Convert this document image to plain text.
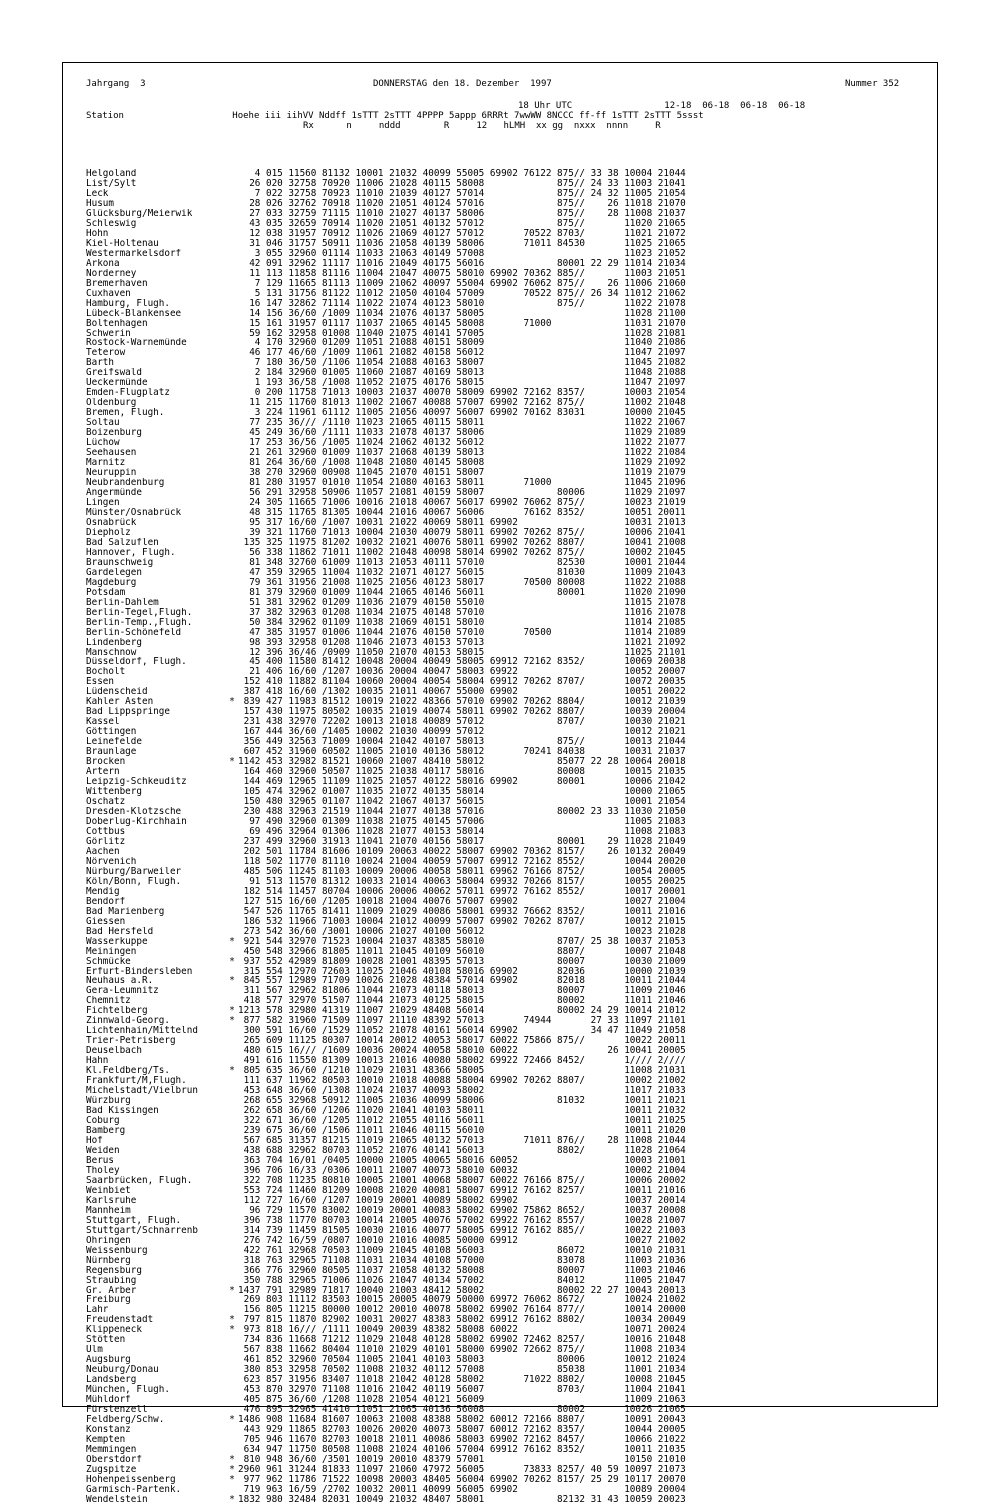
Jahrgang  3	DONNERSTAG den 18. Dezember  1997	Nummer 352
18 Uhr UTC                 12-18  06-18  06-18  06-18
Station                    Hoehe iii iihVV Nddff 1sTTT 2sTTT 4PPPP 5appp 6RRRt 7wwWW 8NCCC ff-ff 1sTTT 2sTTT 5ssst
Rx      n     nddd        R     12   hLMH  xx gg  nxxx  nnnn     R
Helgoland	4 015 11560 81132 10001 21032 40099 55005 69902 76122 875// 33 38 10004 21044
List/Sylt	26 020 32758 70920 11006 21028 40115 58008             875// 24 33 11003 21041
Leck	7 022 32758 70923 11010 21039 40127 57014             875// 24 32 11005 21054
Husum	28 026 32762 70918 11020 21051 40124 57016             875//    26 11018 21070
Glücksburg/Meierwik	27 033 32759 71115 11010 21027 40137 58006             875//    28 11008 21037
Schleswig	43 035 32659 70914 11020 21051 40132 57012             875//       11020 21065
Hohn	12 038 31957 70912 11026 21069 40127 57012       70522 8703/       11021 21072
Kiel-Holtenau	31 046 31757 50911 11036 21058 40139 58006       71011 84530       11025 21065
Westermarkelsdorf	3 055 32960 01114 11033 21063 40149 57008                         11023 21052
Arkona	42 091 32962 11117 11016 21049 40175 56016             80001 22 29 11014 21034
Norderney	11 113 11858 81116 11004 21047 40075 58010 69902 70362 885//       11003 21051
Bremerhaven	7 129 11665 81113 11009 21062 40097 55004 69902 76062 875//    26 11006 21060
Cuxhaven	5 131 31756 81122 11012 21050 40104 57009       70522 875// 26 34 11012 21062
Hamburg, Flugh.	16 147 32862 71114 11022 21074 40123 58010             875//       11022 21078
Lübeck-Blankensee	14 156 36/60 /1009 11034 21076 40137 58005                         11028 21100
Boltenhagen	15 161 31957 01117 11037 21065 40145 58008       71000             11031 21070
Schwerin	59 162 32958 01008 11040 21075 40141 57005                         11028 21081
Rostock-Warnemünde	4 170 32960 01209 11051 21088 40151 58009                         11040 21086
Teterow	46 177 46/60 /1009 11061 21082 40158 56012                         11047 21097
Barth	7 180 36/50 /1106 11054 21088 40163 58007                         11045 21082
Greifswald	2 184 32960 01005 11060 21087 40169 58013                         11048 21088
Ueckermünde	1 193 36/58 /1008 11052 21075 40176 58015                         11047 21097
Emden-Flugplatz	0 200 11758 71013 10003 21037 40070 58009 69902 72162 8357/       10003 21054
Oldenburg	11 215 11760 81013 11002 21067 40088 57007 69902 72162 875//       11002 21048
Bremen, Flugh.	3 224 11961 61112 11005 21056 40097 56007 69902 70162 83031       10000 21045
Soltau	77 235 36/// /1110 11023 21065 40115 58011                         11022 21067
Boizenburg	45 249 36/60 /1111 11033 21078 40137 58006                         11029 21089
Lüchow	17 253 36/56 /1005 11024 21062 40132 56012                         11022 21077
Seehausen	21 261 32960 01009 11037 21068 40139 58013                         11022 21084
Marnitz	81 264 36/60 /1008 11048 21080 40145 58008                         11029 21092
Neuruppin	38 270 32960 00908 11045 21070 40151 58007                         11019 21079
Neubrandenburg	81 280 31957 01010 11054 21080 40163 58011       71000             11045 21096
Angermünde	56 291 32958 50906 11057 21081 40159 58007             80006       11029 21097
Lingen	24 305 11665 71006 10016 21018 40067 56017 69902 76062 875//       10023 21019
Münster/Osnabrück	48 315 11765 81305 10044 21016 40067 56006       76162 8352/       10051 20011
Osnabrück	95 317 16/60 /1007 10031 21022 40069 58011 69902                   10031 21013
Diepholz	39 321 11760 71013 10004 21030 40079 58011 69902 70262 875//       10006 21041
Bad Salzuflen	135 325 11975 81202 10032 21021 40076 58011 69902 70262 8807/       10041 21008
Hannover, Flugh.	56 338 11862 71011 11002 21048 40098 58014 69902 70262 875//       10002 21045
Braunschweig	81 348 32760 61009 11013 21053 40111 57010             82530       10001 21044
Gardelegen	47 359 32965 11004 11032 21071 40127 56015             81030       11009 21043
Magdeburg	79 361 31956 21008 11025 21056 40123 58017       70500 80008       11022 21088
Potsdam	81 379 32960 01009 11044 21065 40146 56011             80001       11020 21090
Berlin-Dahlem	51 381 32962 01209 11036 21079 40150 55010                         11015 21078
Berlin-Tegel,Flugh.	37 382 32963 01208 11034 21075 40148 57010                         11016 21078
Berlin-Temp.,Flugh.	50 384 32962 01109 11038 21069 40151 58010                         11014 21085
Berlin-Schönefeld	47 385 31957 01006 11044 21076 40150 57010       70500             11014 21089
Lindenberg	98 393 32958 01208 11046 21073 40153 57013                         11021 21092
Manschnow	12 396 36/46 /0909 11050 21070 40153 58015                         11025 21101
Düsseldorf, Flugh.	45 400 11580 81412 10048 20004 40049 58005 69912 72162 8352/       10069 20038
Bocholt	21 406 16/60 /1207 10036 20004 40047 58003 69922                   10052 20007
Essen	152 410 11882 81104 10060 20004 40054 58004 69912 70262 8707/       10072 20035
Lüdenscheid	387 418 16/60 /1302 10035 21011 40067 55000 69902                   10051 20022
Kahler Asten	* 839 427 11983 81512 10019 21022 48366 57010 69902 70262 8804/       10012 21039
Bad Lippspringe	157 430 11975 80502 10035 21019 40074 58011 69902 70262 8807/       10039 20004
Kassel	231 438 32970 72202 10013 21018 40089 57012             8707/       10030 21021
Göttingen	167 444 36/60 /1405 10002 21030 40099 57012                         10012 21021
Leinefelde	356 449 32563 71009 10004 21042 40107 58013             875//       10013 21044
Braunlage	607 452 31960 60502 11005 21010 40136 58012       70241 84038       10031 21037
Brocken	* 1142 453 32982 81521 10060 21007 48410 58012             85077 22 28 10064 20018
Artern	164 460 32960 50507 11025 21038 40117 58016             80008       10015 21035
Leipzig-Schkeuditz	144 469 12965 11109 11025 21057 40122 58016 69902       80001       10006 21042
Wittenberg	105 474 32962 01007 11035 21072 40135 58014                         10000 21065
Oschatz	150 480 32965 01107 11042 21067 40137 56015                         10001 21054
Dresden-Klotzsche	230 488 32963 21519 11044 21077 40138 57016             80002 23 33 11030 21050
Doberlug-Kirchhain	97 490 32960 01309 11038 21075 40145 57006                         11005 21083
Cottbus	69 496 32964 01306 11028 21077 40153 58014                         11008 21083
Görlitz	237 499 32960 31913 11041 21070 40156 58017             80001    29 11028 21049
Aachen	202 501 11784 81606 10109 20063 40022 58007 69902 70362 8157/    26 10132 20049
Nörvenich	118 502 11770 81110 10024 21004 40059 57007 69912 72162 8552/       10044 20020
Nürburg/Barweiler	485 506 11245 81103 10009 20006 40058 58011 69962 76166 8752/       10054 20005
Köln/Bonn, Flugh.	91 513 11570 81312 10033 21014 40063 58004 69932 70266 8157/       10055 20025
Mendig	182 514 11457 80704 10006 20006 40062 57011 69972 76162 8552/       10017 20001
Bendorf	127 515 16/60 /1205 10018 21004 40076 57007 69902                   10027 21004
Bad Marienberg	547 526 11765 81411 11009 21029 40086 58001 69932 76662 8352/       10011 21016
Giessen	186 532 11966 71003 10004 21012 40099 57007 69902 70262 8707/       10012 21015
Bad Hersfeld	273 542 36/60 /3001 10006 21027 40100 56012                         10023 21028
Wasserkuppe	* 921 544 32970 71523 10004 21037 48385 58010             8707/ 25 38 10037 21053
Meiningen	450 548 32966 81805 11011 21045 40109 56010             8807/       10007 21048
Schmücke	* 937 552 42989 81809 10028 21001 48395 57013             80007       10030 21009
Erfurt-Bindersleben	315 554 12970 72603 11025 21046 40108 58016 69902       82036       10000 21039
Neuhaus a.R.	* 845 557 12989 71709 10026 21028 48384 57014 69902       82018       10011 21044
Gera-Leumnitz	311 567 32962 81806 11044 21073 40118 58013             80007       11009 21046
Chemnitz	418 577 32970 51507 11044 21073 40125 58015             80002       11011 21046
Fichtelberg	* 1213 578 32980 41319 11007 21029 48408 56014             80002 24 29 10014 21012
Zinnwald-Georg.	* 877 582 31960 71509 11097 21110 48392 57013       74944       27 33 11097 21101
Lichtenhain/Mittelnd	300 591 16/60 /1529 11052 21078 40161 56014 69902             34 47 11049 21058
Trier-Petrisberg	265 609 11125 80307 10014 20012 40053 58017 60022 75866 875//       10022 20011
Deuselbach	480 615 16/// /1609 10036 20024 40058 58010 60022                26 10041 20005
Hahn	491 616 11550 81309 10013 21016 40080 58002 69922 72466 8452/       1//// 2////
Kl.Feldberg/Ts.	* 805 635 36/60 /1210 11029 21031 48366 58005                         11008 21031
Frankfurt/M,Flugh.	111 637 11962 80503 10010 21018 40088 58004 69902 70262 8807/       10002 21002
Michelstadt/Vielbrun	453 648 36/60 /1308 11024 21037 40093 58002                         11017 21033
Würzburg	268 655 32968 50912 11005 21036 40099 58006             81032       10011 21021
Bad Kissingen	262 658 36/60 /1206 11020 21041 40103 58011                         10011 21032
Coburg	322 671 36/60 /1205 11012 21055 40116 56011                         10011 21025
Bamberg	239 675 36/60 /1506 11011 21046 40115 56010                         10011 21020
Hof	567 685 31357 81215 11019 21065 40132 57013       71011 876//    28 11008 21044
Weiden	438 688 32962 80703 11052 21076 40141 56013             8802/       11028 21064
Berus	363 704 16/01 /0405 10000 21005 40065 58016 60052                   10003 21001
Tholey	396 706 16/33 /0306 10011 21007 40073 58010 60032                   10002 21004
Saarbrücken, Flugh.	322 708 11235 80810 10005 21001 40068 58007 60022 76166 875//       10006 20002
Weinbiet	553 724 11460 81209 10008 21020 40081 58007 69912 76162 8257/       10011 21016
Karlsruhe	112 727 16/60 /1207 10019 20001 40089 58002 69902                   10037 20014
Mannheim	96 729 11570 83002 10019 20001 40083 58002 69902 75862 8652/       10037 20008
Stuttgart, Flugh.	396 738 11770 80703 10014 21005 40076 57002 69922 76162 8557/       10028 21007
Stuttgart/Schnarrenb	314 739 11459 81505 10030 21016 40077 58005 69912 76162 885//       10022 21003
Öhringen	276 742 16/59 /0807 10010 21016 40085 50000 69912                   10027 21002
Weissenburg	422 761 32968 70503 11009 21045 40108 56003             86072       10010 21031
Nürnberg	318 763 32965 71108 11031 21034 40108 57000             83078       11003 21036
Regensburg	366 776 32960 80505 11037 21058 40132 58008             80007       11003 21046
Straubing	350 788 32965 71006 11026 21047 40134 57002             84012       11005 21047
Gr. Arber	* 1437 791 32989 71817 10040 21003 48412 58002             80002 22 27 10043 20013
Freiburg	269 803 11112 83503 10015 20005 40079 50000 69972 76062 8672/       10024 21002
Lahr	156 805 11215 80000 10012 20010 40078 58002 69902 76164 877//       10014 20000
Freudenstadt	* 797 815 11870 82902 10031 20027 48383 58002 69912 76162 8802/       10034 20049
Klippeneck	* 973 818 16/// /1111 10049 20039 48382 58008 60022                   10071 20024
Stötten	734 836 11668 71212 11029 21048 40128 58002 69902 72462 8257/       10016 21048
Ulm	567 838 11662 80404 11010 21029 40101 58000 69902 72662 875//       11008 21034
Augsburg	461 852 32960 70504 11005 21041 40103 58003             80006       10012 21024
Neuburg/Donau	380 853 32958 70502 11008 21032 40112 57008             85038       11001 21034
Landsberg	623 857 31956 83407 11018 21042 40128 58002       71022 8802/       10008 21045
München, Flugh.	453 870 32970 71108 11016 21042 40119 56007             8703/       11004 21041
Mühldorf	405 875 36/60 /1208 11028 21054 40121 56009                         11009 21063
Fürstenzell	476 895 32965 41410 11051 21065 40136 56008             80002       10026 21065
Feldberg/Schw.	* 1486 908 11684 81607 10063 21008 48388 58002 60012 72166 8807/       10091 20043
Konstanz	443 929 11865 82703 10026 20020 40073 58007 60012 72162 8357/       10044 20005
Kempten	705 946 11670 82703 10018 21011 40086 58003 69902 72162 8457/       10066 21022
Memmingen	634 947 11750 80508 11008 21024 40106 57004 69912 76162 8352/       10011 21035
Oberstdorf	* 810 948 36/60 /3501 10019 20010 48379 57001                         10150 21010
Zugspitze	* 2960 961 31244 81833 11097 21060 47972 56005       73833 8257/ 40 59 10097 21073
Hohenpeissenberg	* 977 962 11786 71522 10098 20003 48405 56004 69902 70262 8157/ 25 29 10117 20070
Garmisch-Partenk.	719 963 16/59 /2702 10032 20011 40099 56005 69902                   10089 20004
Wendelstein	* 1832 980 32484 82031 10049 21032 48407 58001             82132 31 43 10059 20023
